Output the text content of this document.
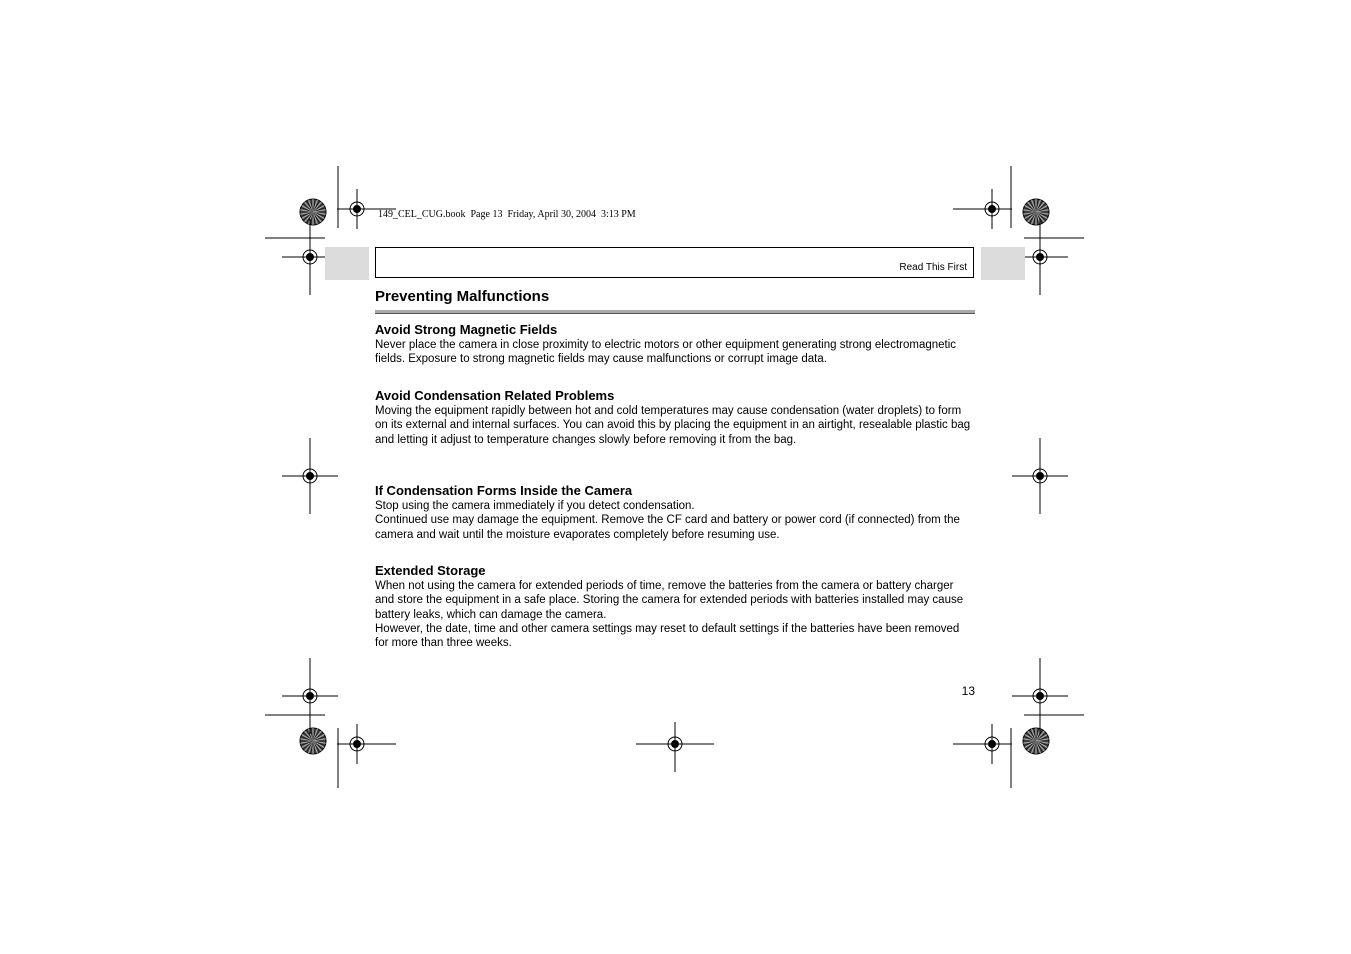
149_CEL_CUG.book  Page 13  Friday, April 30, 2004  3:13 PM
Read This First
Preventing Malfunctions
Avoid Strong Magnetic Fields

Never place the camera in close proximity to electric motors or other equipment generating strong electromagnetic fields. Exposure to strong magnetic fields may cause malfunctions or corrupt image data.

Avoid Condensation Related Problems

Moving the equipment rapidly between hot and cold temperatures may cause condensation (water droplets) to form on its external and internal surfaces. You can avoid this by placing the equipment in an airtight, resealable plastic bag and letting it adjust to temperature changes slowly before removing it from the bag.

If Condensation Forms Inside the Camera

Stop using the camera immediately if you detect condensation.

Continued use may damage the equipment. Remove the CF card and battery or power cord (if connected) from the camera and wait until the moisture evaporates completely before resuming use.

Extended Storage

When not using the camera for extended periods of time, remove the batteries from the camera or battery charger and store the equipment in a safe place. Storing the camera for extended periods with batteries installed may cause battery leaks, which can damage the camera.

However, the date, time and other camera settings may reset to default settings if the batteries have been removed for more than three weeks.

13
